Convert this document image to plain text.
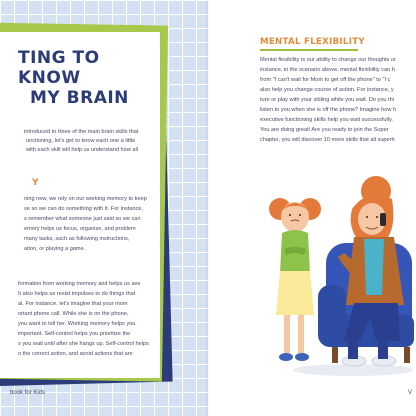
TING TO KNOW
MY BRAIN

introduced to three of the main brain skills that

unctioning, let's get to know each one a little

with each skill will help us understand how all

Y

ning new, we rely on our working memory to keep

ve so we can do something with it. For instance,

s remember what someone just said so we can

emory helps us focus, organize, and problem

many tasks, such as following instructions,

ation, or playing a game.

formation from working memory and helps us see

It also helps us resist impulses to do things that

al. For instance, let's imagine that your mom

ortant phone call. While she is on the phone,

you want to tell her. Working memory helps you

important. Self-control helps you prioritize the

s you wait until after she hangs up. Self-control helps

o the correct action, and avoid actions that are

book for Kids
MENTAL FLEXIBILITY

Mental flexibility is our ability to change our thoughts or

instance, in the scenario above, mental flexibility can h

from "I can't wait for Mom to get off the phone" to "I c

also help you change course of action. For instance, y

ture or play with your sibling while you wait. Do you thi

listen to you when she is off the phone? Imagine how h

executive functioning skills help you wait successfully.

You are doing great! Are you ready to join the Super

chapter, you will discover 10 more skills that all superh

V
